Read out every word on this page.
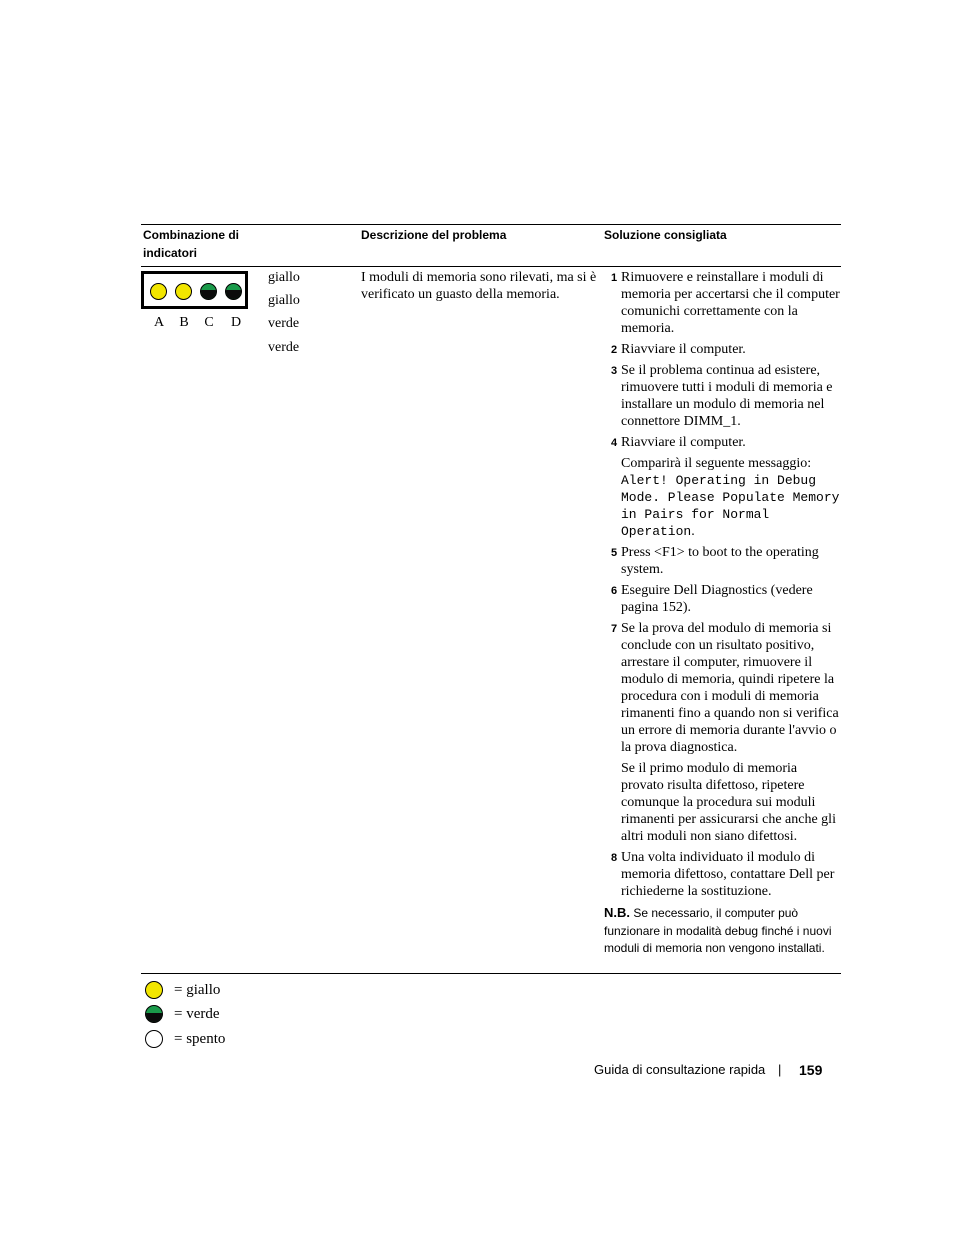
Combinazione di indicatori
Descrizione del problema	Soluzione consigliata
A B C D
giallo
giallo
verde
verde
I moduli di memoria sono rilevati, ma si è verificato un guasto della memoria.
1 Rimuovere e reinstallare i moduli di memoria per accertarsi che il computer comunichi correttamente con la memoria.
2 Riavviare il computer.
3 Se il problema continua ad esistere, rimuovere tutti i moduli di memoria e installare un modulo di memoria nel connettore DIMM_1.
4 Riavviare il computer.
Comparirà il seguente messaggio: Alert! Operating in Debug Mode. Please Populate Memory in Pairs for Normal Operation.
5 Press <F1> to boot to the operating system.
6 Eseguire Dell Diagnostics (vedere pagina 152).
7 Se la prova del modulo di memoria si conclude con un risultato positivo, arrestare il computer, rimuovere il modulo di memoria, quindi ripetere la procedura con i moduli di memoria rimanenti fino a quando non si verifica un errore di memoria durante l'avvio o la prova diagnostica.
Se il primo modulo di memoria provato risulta difettoso, ripetere comunque la procedura sui moduli rimanenti per assicurarsi che anche gli altri moduli non siano difettosi.
8 Una volta individuato il modulo di memoria difettoso, contattare Dell per richiederne la sostituzione.
N.B. Se necessario, il computer può funzionare in modalità debug finché i nuovi moduli di memoria non vengono installati.
= giallo
= verde
= spento
Guida di consultazione rapida | 159
